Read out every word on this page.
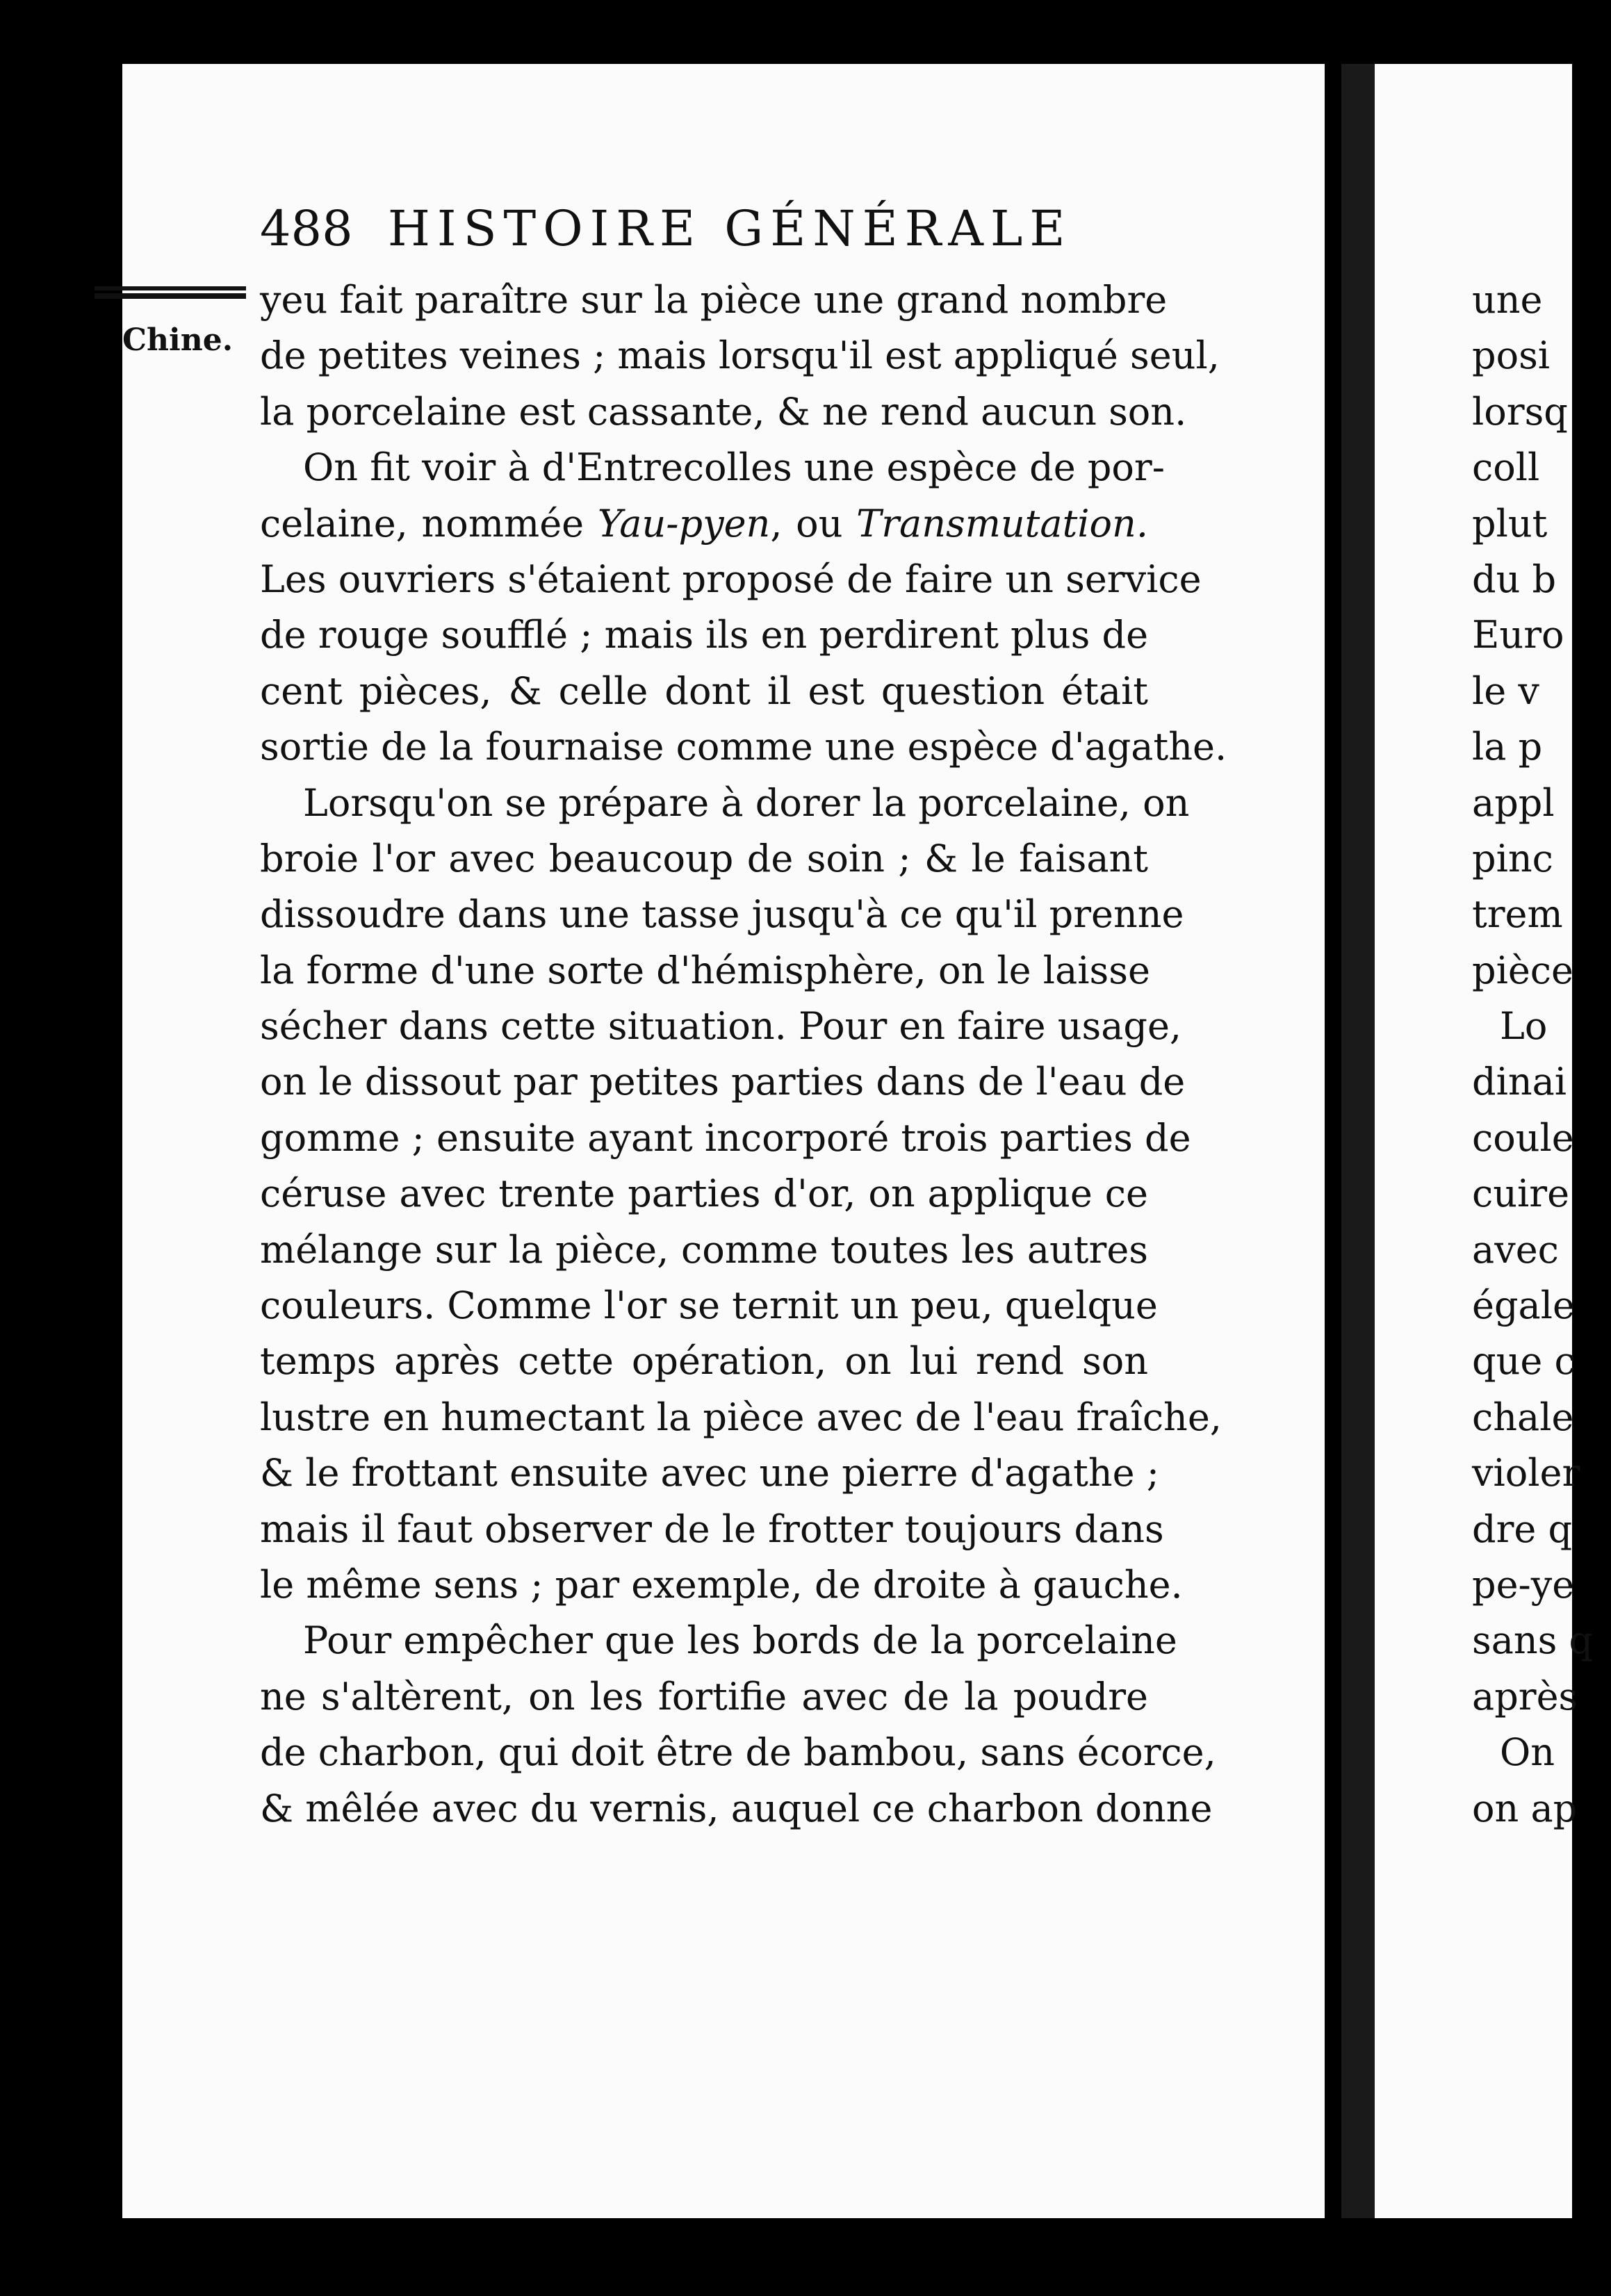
488 HISTOIRE GÉNÉRALE
Chine.
yeu fait paraître sur la pièce une grand nombre
de petites veines ; mais lorsqu'il est appliqué seul,
la porcelaine est cassante, & ne rend aucun son.
On fit voir à d'Entrecolles une espèce de por-
celaine, nommée Yau-pyen, ou Transmutation.
Les ouvriers s'étaient proposé de faire un service
de rouge soufflé ; mais ils en perdirent plus de
cent pièces, & celle dont il est question était
sortie de la fournaise comme une espèce d'agathe.
Lorsqu'on se prépare à dorer la porcelaine, on
broie l'or avec beaucoup de soin ; & le faisant
dissoudre dans une tasse jusqu'à ce qu'il prenne
la forme d'une sorte d'hémisphère, on le laisse
sécher dans cette situation. Pour en faire usage,
on le dissout par petites parties dans de l'eau de
gomme ; ensuite ayant incorporé trois parties de
céruse avec trente parties d'or, on applique ce
mélange sur la pièce, comme toutes les autres
couleurs. Comme l'or se ternit un peu, quelque
temps après cette opération, on lui rend son
lustre en humectant la pièce avec de l'eau fraîche,
& le frottant ensuite avec une pierre d'agathe ;
mais il faut observer de le frotter toujours dans
le même sens ; par exemple, de droite à gauche.
Pour empêcher que les bords de la porcelaine
ne s'altèrent, on les fortifie avec de la poudre
de charbon, qui doit être de bambou, sans écorce,
& mêlée avec du vernis, auquel ce charbon donne
une
posi
lorsq
coll
plut
du b
Euro
le v
la p
appl
pinc
trem
pièce
Lo
dinai
coule
cuire
avec
égale
que c
chale
violer
dre q
pe-ye
sans q
après
On
on ap
